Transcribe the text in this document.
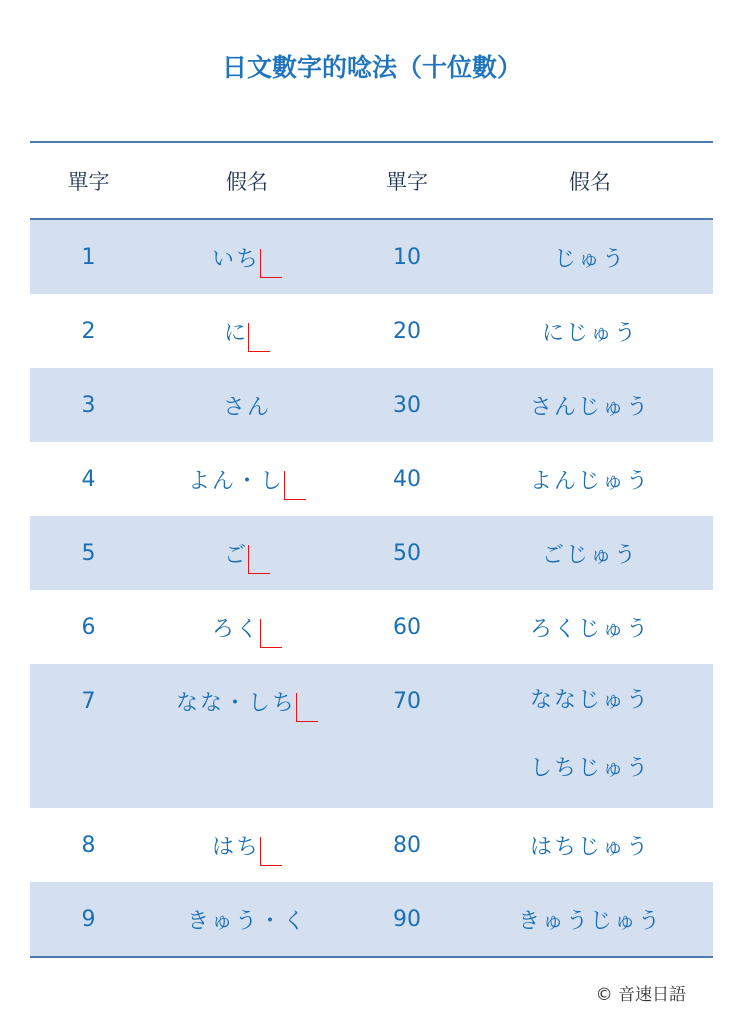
日文數字的唸法（十位數）
單字	假名	單字	假名
1	いち	10	じゅう
2	に	20	にじゅう
3	さん	30	さんじゅう
4	よん・し	40	よんじゅう
5	ご	50	ごじゅう
6	ろく	60	ろくじゅう
7	なな・しち	70	ななじゅう
しちじゅう
8	はち	80	はちじゅう
9	きゅう・く	90	きゅうじゅう
© 音速日語
